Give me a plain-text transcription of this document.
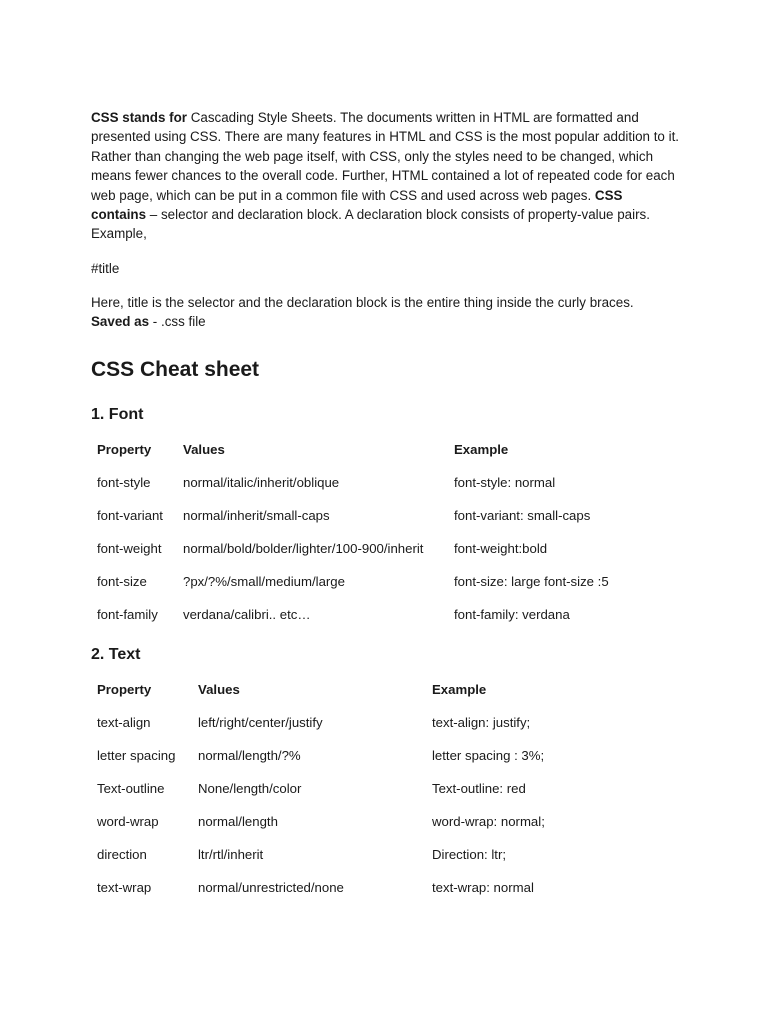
CSS stands for Cascading Style Sheets. The documents written in HTML are formatted and presented using CSS. There are many features in HTML and CSS is the most popular addition to it. Rather than changing the web page itself, with CSS, only the styles need to be changed, which means fewer chances to the overall code. Further, HTML contained a lot of repeated code for each web page, which can be put in a common file with CSS and used across web pages. CSS contains – selector and declaration block. A declaration block consists of property-value pairs. Example,

#title

Here, title is the selector and the declaration block is the entire thing inside the curly braces.

Saved as - .css file

CSS Cheat sheet
1. Font
Property Values	Example
font-style normal/italic/inherit/oblique	font-style: normal
font-variant normal/inherit/small-caps	font-variant: small-caps
font-weight normal/bold/bolder/lighter/100-900/inherit font-weight:bold
font-size	?px/?%/small/medium/large	font-size: large font-size :5
font-family verdana/calibri.. etc…	font-family: verdana
2. Text
Property	Values	Example
text-align	left/right/center/justify	text-align: justify;
letter spacing normal/length/?%	letter spacing : 3%;
Text-outline	None/length/color	Text-outline: red
word-wrap	normal/length	word-wrap: normal;
direction	ltr/rtl/inherit	Direction: ltr;
text-wrap	normal/unrestricted/none	text-wrap: normal
